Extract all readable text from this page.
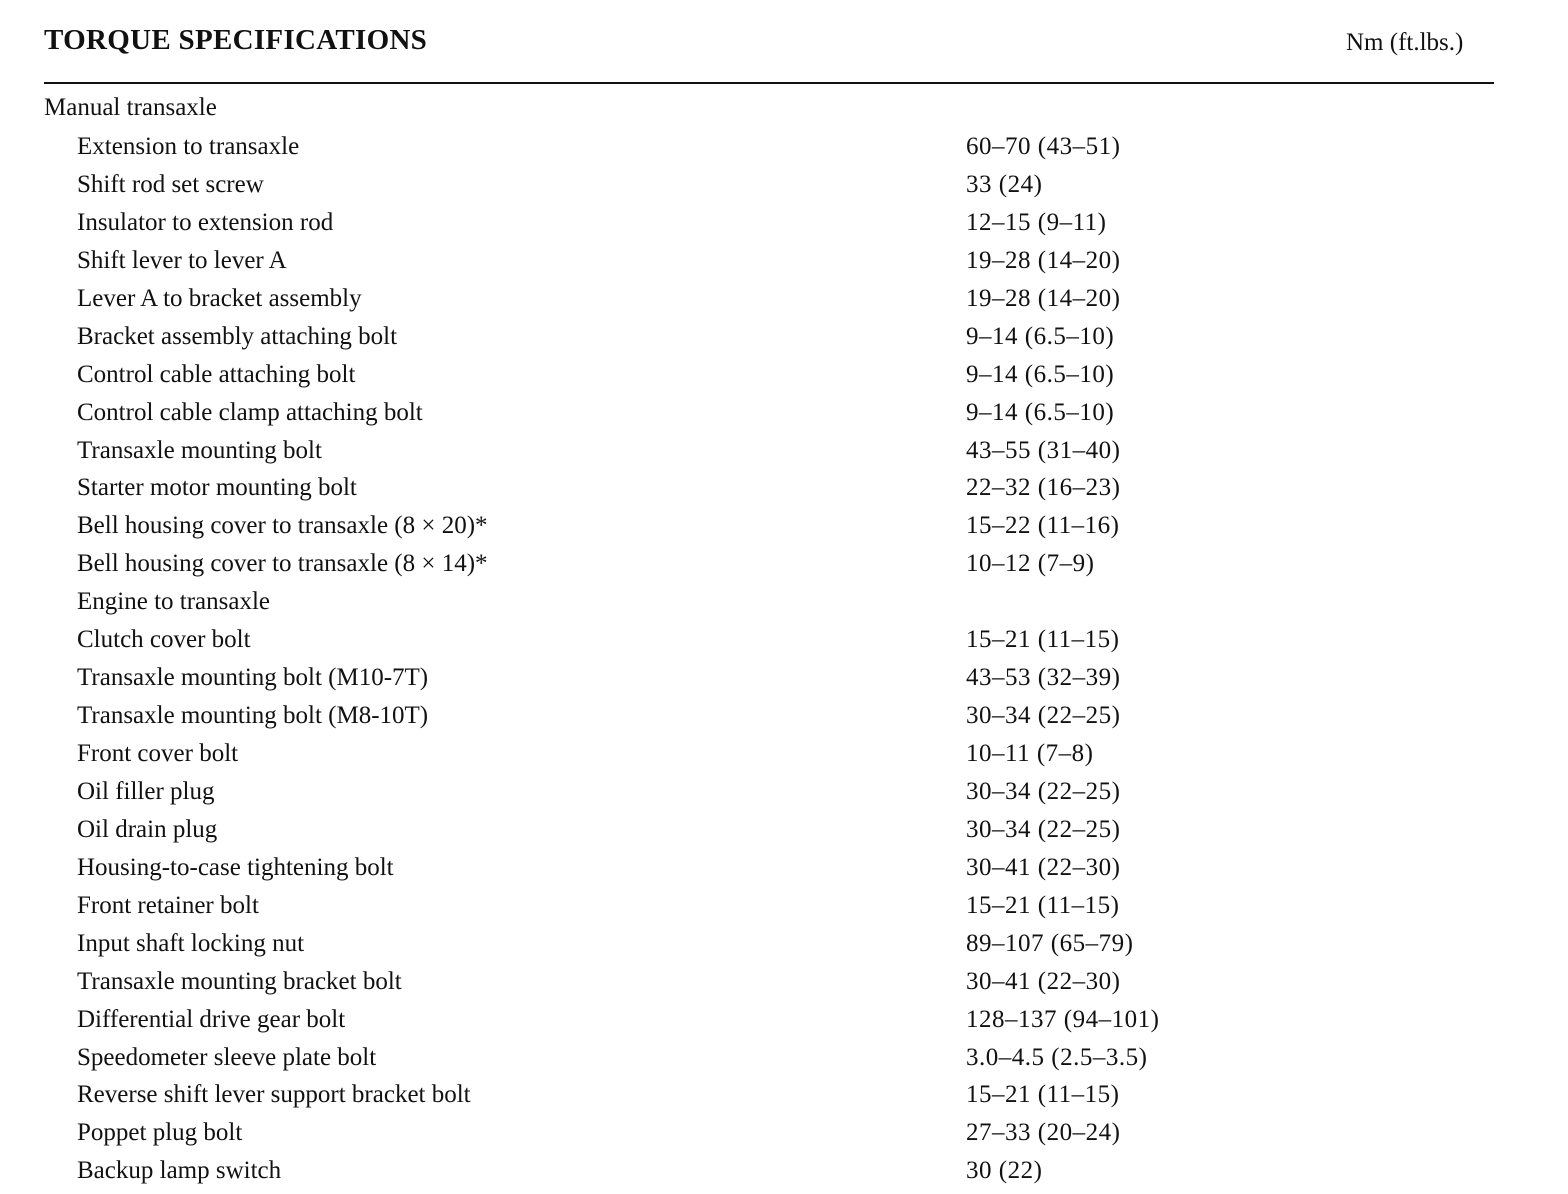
TORQUE SPECIFICATIONS	Nm (ft.lbs.)
Manual transaxle
Extension to transaxle	60–70 (43–51)
Shift rod set screw	33 (24)
Insulator to extension rod	12–15 (9–11)
Shift lever to lever A	19–28 (14–20)
Lever A to bracket assembly	19–28 (14–20)
Bracket assembly attaching bolt	9–14 (6.5–10)
Control cable attaching bolt	9–14 (6.5–10)
Control cable clamp attaching bolt	9–14 (6.5–10)
Transaxle mounting bolt	43–55 (31–40)
Starter motor mounting bolt	22–32 (16–23)
Bell housing cover to transaxle (8 × 20)*	15–22 (11–16)
Bell housing cover to transaxle (8 × 14)*	10–12 (7–9)
Engine to transaxle
Clutch cover bolt	15–21 (11–15)
Transaxle mounting bolt (M10-7T)	43–53 (32–39)
Transaxle mounting bolt (M8-10T)	30–34 (22–25)
Front cover bolt	10–11 (7–8)
Oil filler plug	30–34 (22–25)
Oil drain plug	30–34 (22–25)
Housing-to-case tightening bolt	30–41 (22–30)
Front retainer bolt	15–21 (11–15)
Input shaft locking nut	89–107 (65–79)
Transaxle mounting bracket bolt	30–41 (22–30)
Differential drive gear bolt	128–137 (94–101)
Speedometer sleeve plate bolt	3.0–4.5 (2.5–3.5)
Reverse shift lever support bracket bolt	15–21 (11–15)
Poppet plug bolt	27–33 (20–24)
Backup lamp switch	30 (22)
